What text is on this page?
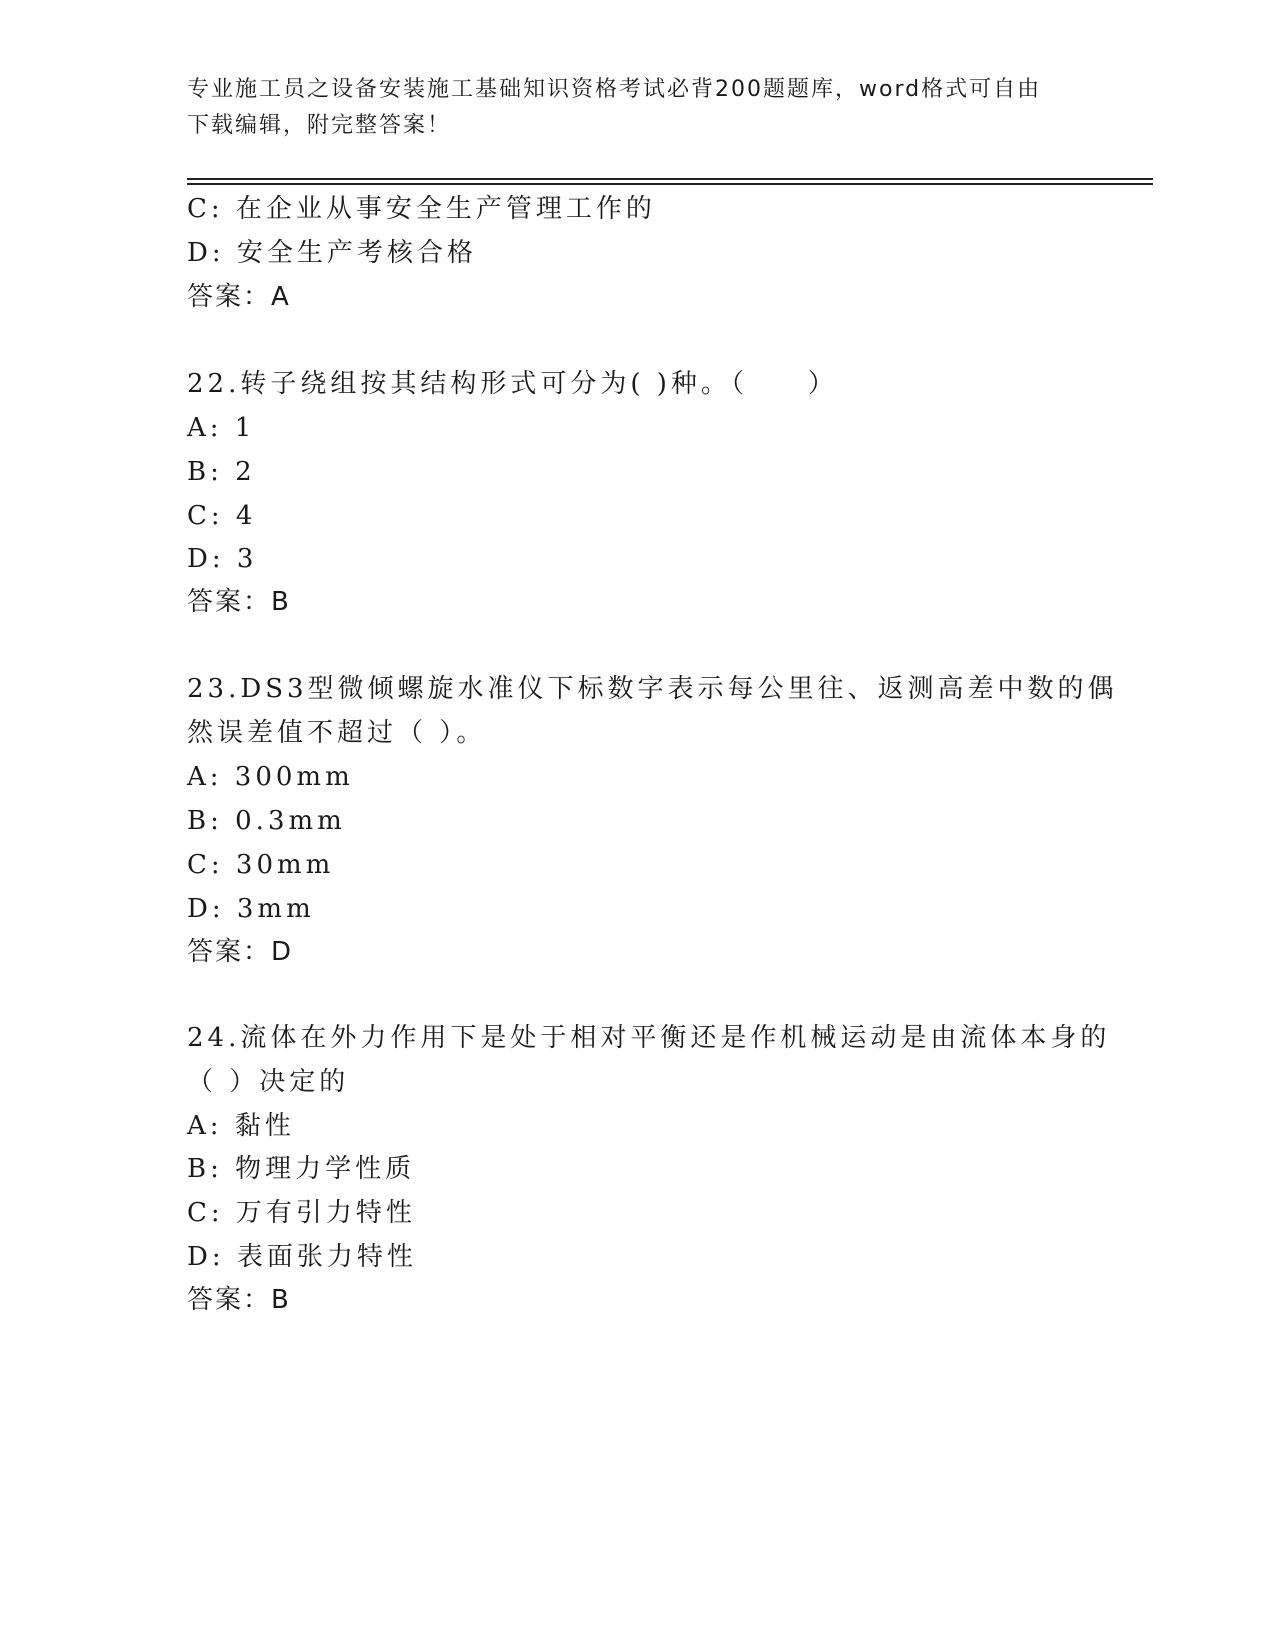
专业施工员之设备安装施工基础知识资格考试必背200题题库，word格式可自由
下载编辑，附完整答案！
C: 在企业从事安全生产管理工作的
D: 安全生产考核合格
答案：A
22.转子绕组按其结构形式可分为( )种。（　　）
A: 1
B: 2
C: 4
D: 3
答案：B
23.DS3型微倾螺旋水准仪下标数字表示每公里往、返测高差中数的偶
然误差值不超过（ ）。
A: 300mm
B: 0.3mm
C: 30mm
D: 3mm
答案：D
24.流体在外力作用下是处于相对平衡还是作机械运动是由流体本身的
（ ）决定的
A: 黏性
B: 物理力学性质
C: 万有引力特性
D: 表面张力特性
答案：B
